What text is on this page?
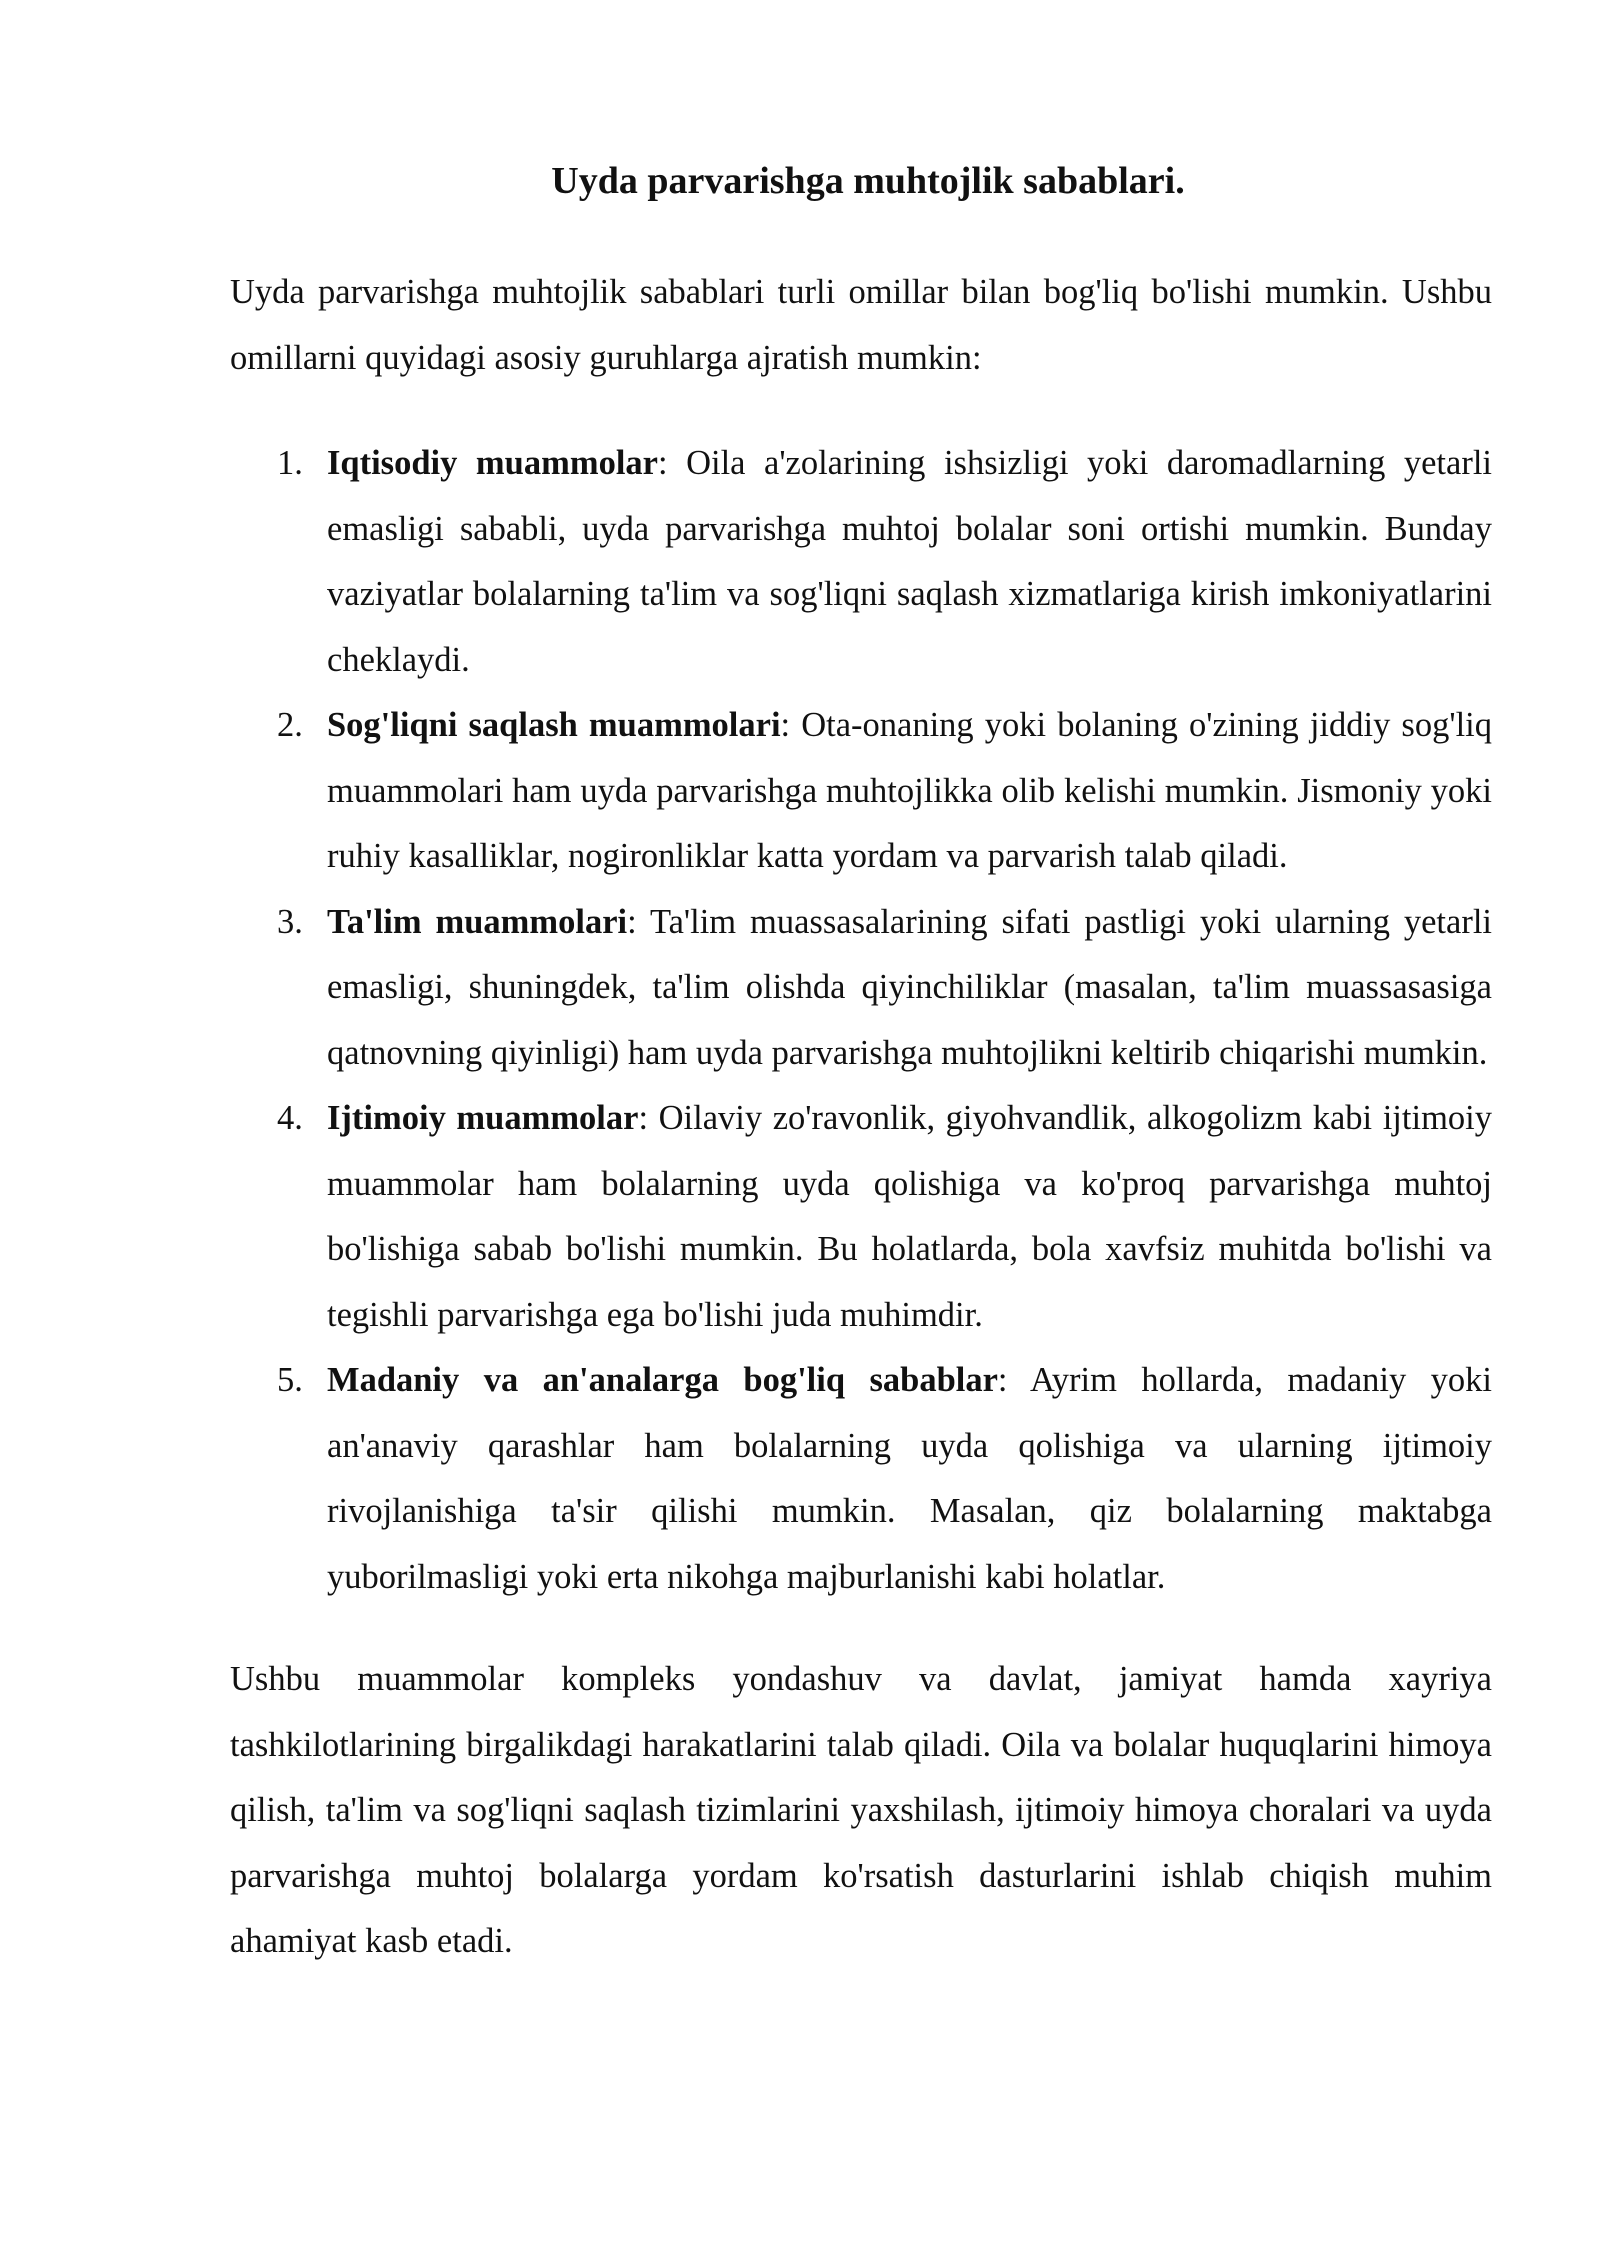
Uyda parvarishga muhtojlik sabablari.

Uyda parvarishga muhtojlik sabablari turli omillar bilan bog'liq bo'lishi mumkin. Ushbu omillarni quyidagi asosiy guruhlarga ajratish mumkin:

1. Iqtisodiy muammolar: Oila a'zolarining ishsizligi yoki daromadlarning yetarli emasligi sababli, uyda parvarishga muhtoj bolalar soni ortishi mumkin. Bunday vaziyatlar bolalarning ta'lim va sog'liqni saqlash xizmatlariga kirish imkoniyatlarini cheklaydi.
2. Sog'liqni saqlash muammolari: Ota-onaning yoki bolaning o'zining jiddiy sog'liq muammolari ham uyda parvarishga muhtojlikka olib kelishi mumkin. Jismoniy yoki ruhiy kasalliklar, nogironliklar katta yordam va parvarish talab qiladi.
3. Ta'lim muammolari: Ta'lim muassasalarining sifati pastligi yoki ularning yetarli emasligi, shuningdek, ta'lim olishda qiyinchiliklar (masalan, ta'lim muassasasiga qatnovning qiyinligi) ham uyda parvarishga muhtojlikni keltirib chiqarishi mumkin.
4. Ijtimoiy muammolar: Oilaviy zo'ravonlik, giyohvandlik, alkogolizm kabi ijtimoiy muammolar ham bolalarning uyda qolishiga va ko'proq parvarishga muhtoj bo'lishiga sabab bo'lishi mumkin. Bu holatlarda, bola xavfsiz muhitda bo'lishi va tegishli parvarishga ega bo'lishi juda muhimdir.
5. Madaniy va an'analarga bog'liq sabablar: Ayrim hollarda, madaniy yoki an'anaviy qarashlar ham bolalarning uyda qolishiga va ularning ijtimoiy rivojlanishiga ta'sir qilishi mumkin. Masalan, qiz bolalarning maktabga yuborilmasligi yoki erta nikohga majburlanishi kabi holatlar.

Ushbu muammolar kompleks yondashuv va davlat, jamiyat hamda xayriya tashkilotlarining birgalikdagi harakatlarini talab qiladi. Oila va bolalar huquqlarini himoya qilish, ta'lim va sog'liqni saqlash tizimlarini yaxshilash, ijtimoiy himoya choralari va uyda parvarishga muhtoj bolalarga yordam ko'rsatish dasturlarini ishlab chiqish muhim ahamiyat kasb etadi.
